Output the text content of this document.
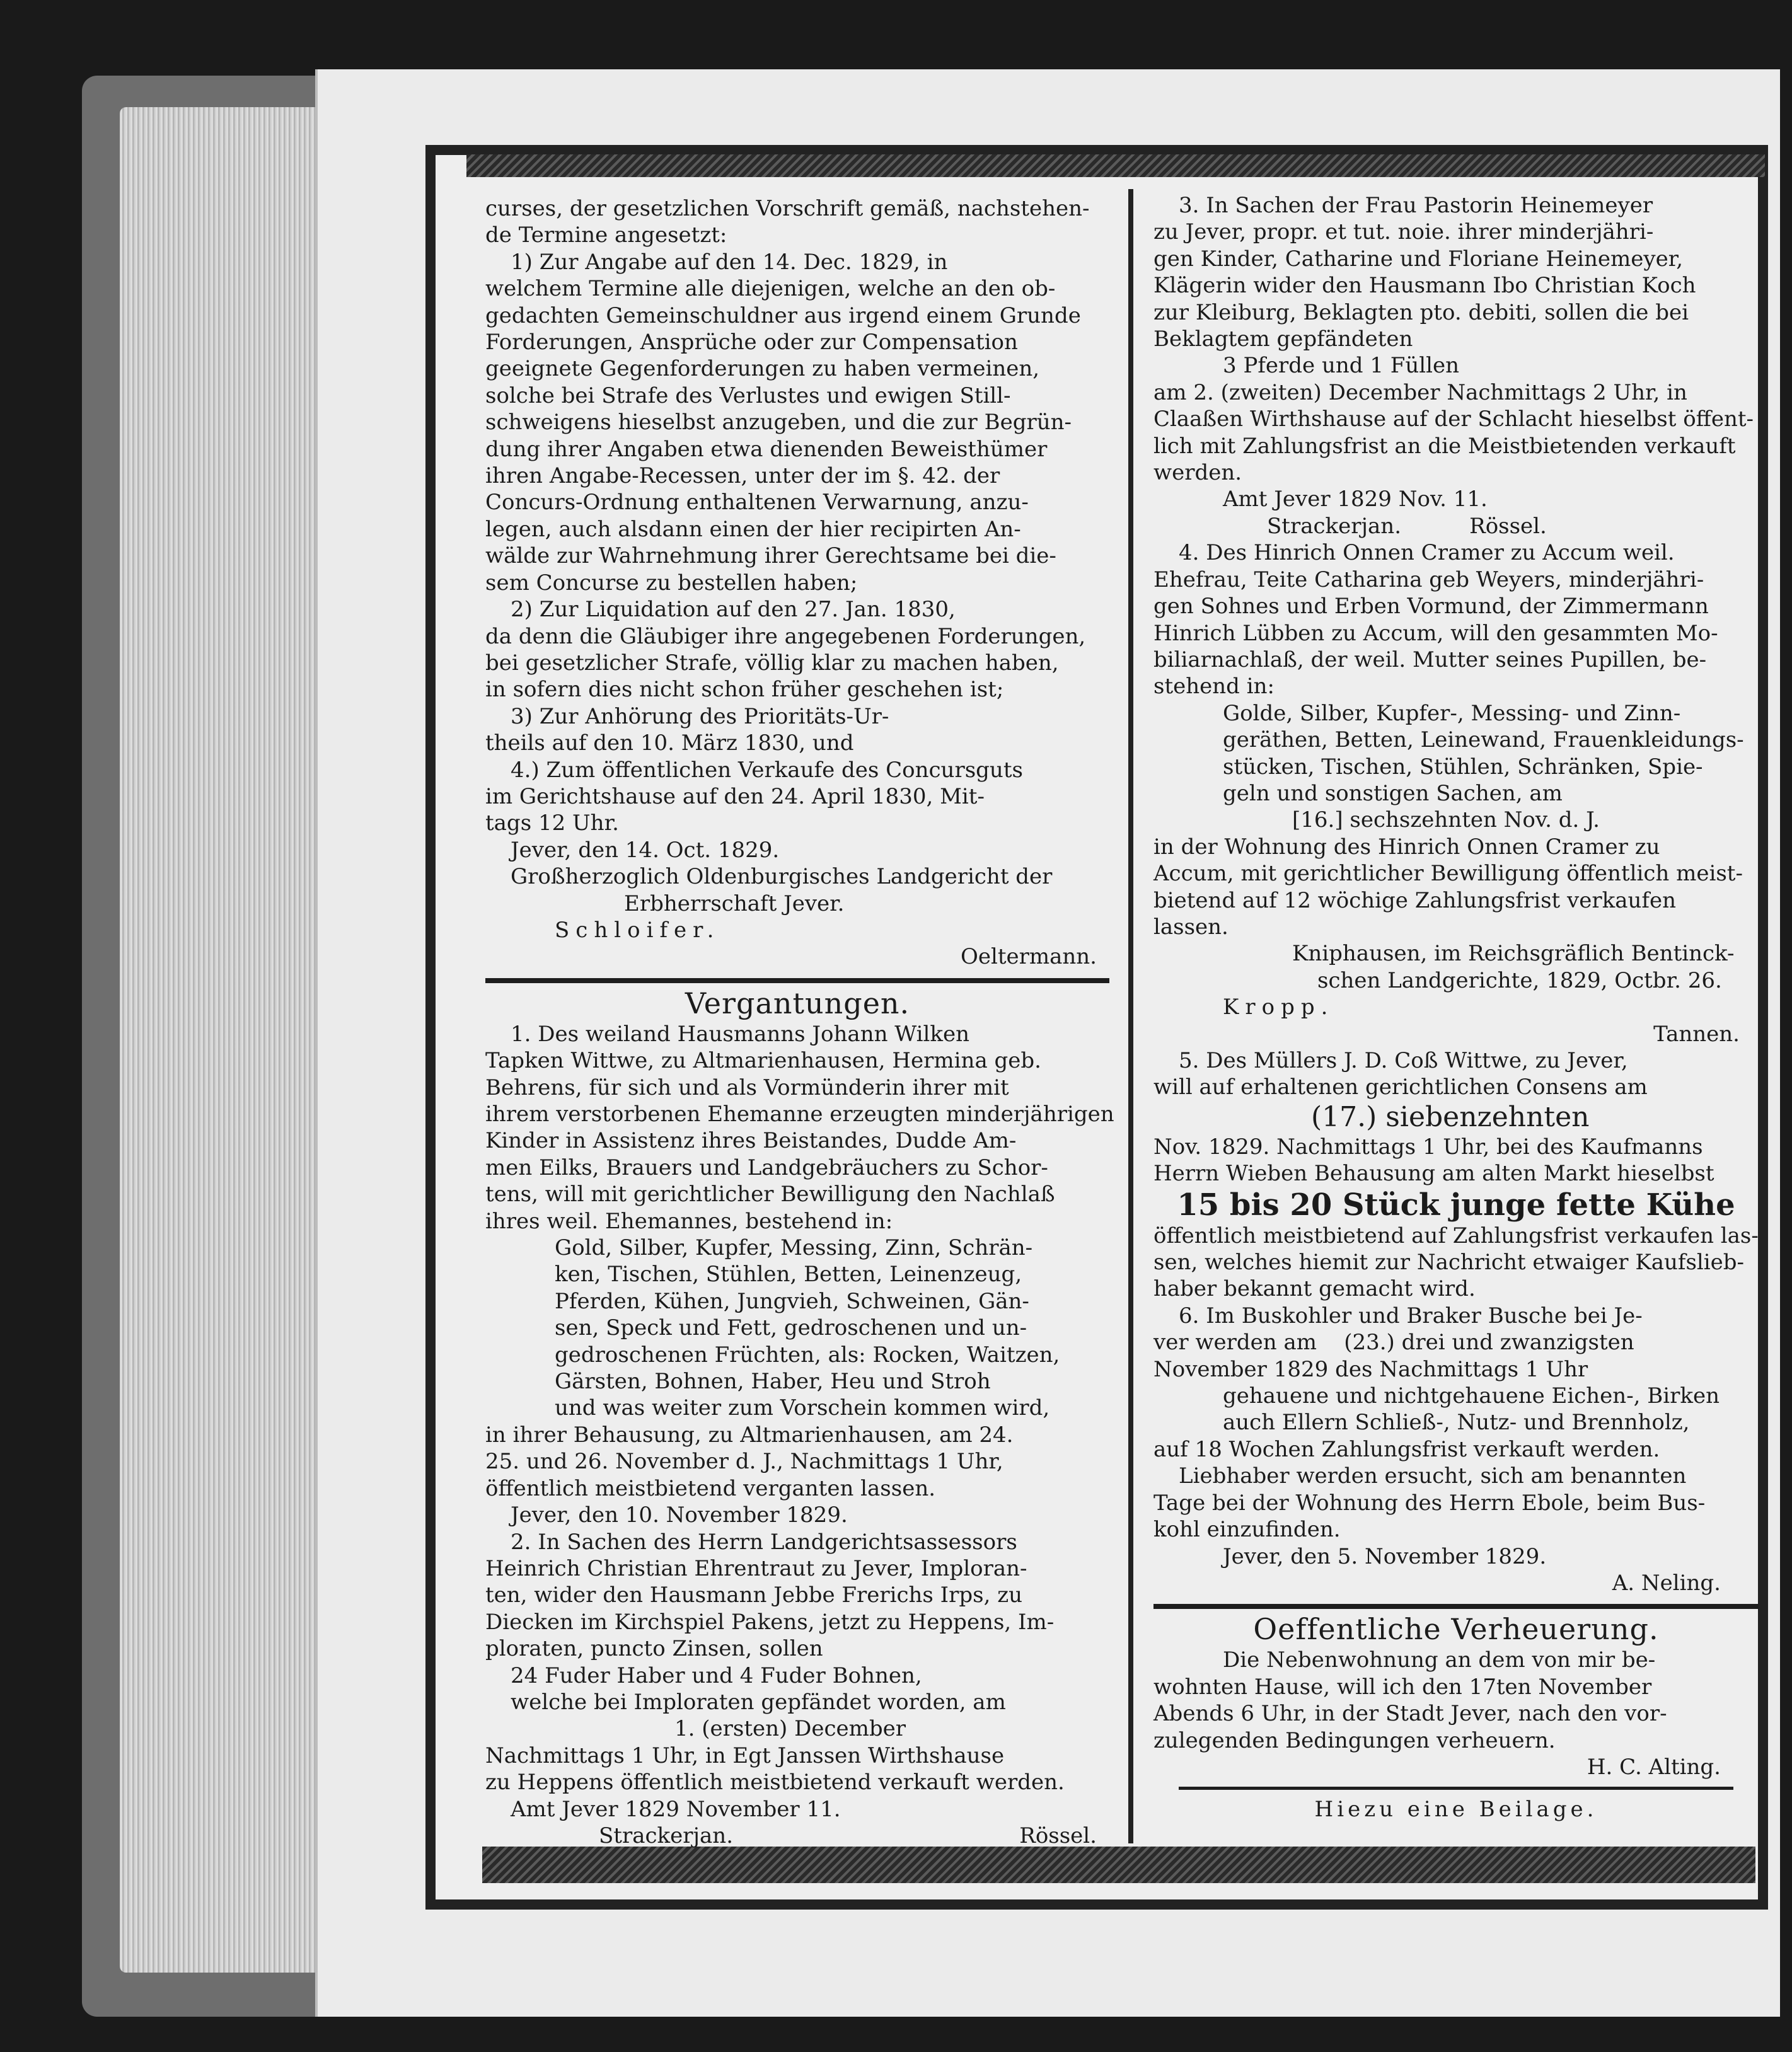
curses, der gesetzlichen Vorschrift gemäß, nachstehen-

de Termine angesetzt:

1) Zur Angabe auf den 14. Dec. 1829, in

welchem Termine alle diejenigen, welche an den ob-

gedachten Gemeinschuldner aus irgend einem Grunde

Forderungen, Ansprüche oder zur Compensation

geeignete Gegenforderungen zu haben vermeinen,

solche bei Strafe des Verlustes und ewigen Still-

schweigens hieselbst anzugeben, und die zur Begrün-

dung ihrer Angaben etwa dienenden Beweisthümer

ihren Angabe-Recessen, unter der im §. 42. der

Concurs-Ordnung enthaltenen Verwarnung, anzu-

legen, auch alsdann einen der hier recipirten An-

wälde zur Wahrnehmung ihrer Gerechtsame bei die-

sem Concurse zu bestellen haben;

2) Zur Liquidation auf den 27. Jan. 1830,

da denn die Gläubiger ihre angegebenen Forderungen,

bei gesetzlicher Strafe, völlig klar zu machen haben,

in sofern dies nicht schon früher geschehen ist;

3) Zur Anhörung des Prioritäts-Ur-

theils auf den 10. März 1830, und

4.) Zum öffentlichen Verkaufe des Concursguts

im Gerichtshause auf den 24. April 1830, Mit-

tags 12 Uhr.

Jever, den 14. Oct. 1829.

Großherzoglich Oldenburgisches Landgericht der

Erbherrschaft Jever.

Schloifer.

Oeltermann.

Vergantungen.

1. Des weiland Hausmanns Johann Wilken

Tapken Wittwe, zu Altmarienhausen, Hermina geb.

Behrens, für sich und als Vormünderin ihrer mit

ihrem verstorbenen Ehemanne erzeugten minderjährigen

Kinder in Assistenz ihres Beistandes, Dudde Am-

men Eilks, Brauers und Landgebräuchers zu Schor-

tens, will mit gerichtlicher Bewilligung den Nachlaß

ihres weil. Ehemannes, bestehend in:

Gold, Silber, Kupfer, Messing, Zinn, Schrän-

ken, Tischen, Stühlen, Betten, Leinenzeug,

Pferden, Kühen, Jungvieh, Schweinen, Gän-

sen, Speck und Fett, gedroschenen und un-

gedroschenen Früchten, als: Rocken, Waitzen,

Gärsten, Bohnen, Haber, Heu und Stroh

und was weiter zum Vorschein kommen wird,

in ihrer Behausung, zu Altmarienhausen, am 24.

25. und 26. November d. J., Nachmittags 1 Uhr,

öffentlich meistbietend verganten lassen.

Jever, den 10. November 1829.

2. In Sachen des Herrn Landgerichtsassessors

Heinrich Christian Ehrentraut zu Jever, Imploran-

ten, wider den Hausmann Jebbe Frerichs Irps, zu

Diecken im Kirchspiel Pakens, jetzt zu Heppens, Im-

ploraten, puncto Zinsen, sollen

24 Fuder Haber und 4 Fuder Bohnen,

welche bei Imploraten gepfändet worden, am

1. (ersten) December

Nachmittags 1 Uhr, in Egt Janssen Wirthshause

zu Heppens öffentlich meistbietend verkauft werden.

Amt Jever 1829 November 11.

Strackerjan.	Rössel.

3. In Sachen der Frau Pastorin Heinemeyer

zu Jever, propr. et tut. noie. ihrer minderjähri-

gen Kinder, Catharine und Floriane Heinemeyer,

Klägerin wider den Hausmann Ibo Christian Koch

zur Kleiburg, Beklagten pto. debiti, sollen die bei

Beklagtem gepfändeten

3 Pferde und 1 Füllen

am 2. (zweiten) December Nachmittags 2 Uhr, in

Claaßen Wirthshause auf der Schlacht hieselbst öffent-

lich mit Zahlungsfrist an die Meistbietenden verkauft

werden.

Amt Jever 1829 Nov. 11.

Strackerjan.          Rössel.

4. Des Hinrich Onnen Cramer zu Accum weil.

Ehefrau, Teite Catharina geb Weyers, minderjähri-

gen Sohnes und Erben Vormund, der Zimmermann

Hinrich Lübben zu Accum, will den gesammten Mo-

biliarnachlaß, der weil. Mutter seines Pupillen, be-

stehend in:

Golde, Silber, Kupfer-, Messing- und Zinn-

geräthen, Betten, Leinewand, Frauenkleidungs-

stücken, Tischen, Stühlen, Schränken, Spie-

geln und sonstigen Sachen, am

[16.] sechszehnten Nov. d. J.

in der Wohnung des Hinrich Onnen Cramer zu

Accum, mit gerichtlicher Bewilligung öffentlich meist-

bietend auf 12 wöchige Zahlungsfrist verkaufen

lassen.

Kniphausen, im Reichsgräflich Bentinck-

schen Landgerichte, 1829, Octbr. 26.

Kropp.

Tannen.

5. Des Müllers J. D. Coß Wittwe, zu Jever,

will auf erhaltenen gerichtlichen Consens am

(17.) siebenzehnten

Nov. 1829. Nachmittags 1 Uhr, bei des Kaufmanns

Herrn Wieben Behausung am alten Markt hieselbst

15 bis 20 Stück junge fette Kühe

öffentlich meistbietend auf Zahlungsfrist verkaufen las-

sen, welches hiemit zur Nachricht etwaiger Kaufslieb-

haber bekannt gemacht wird.

6. Im Buskohler und Braker Busche bei Je-

ver werden am    (23.) drei und zwanzigsten

November 1829 des Nachmittags 1 Uhr

gehauene und nichtgehauene Eichen-, Birken

auch Ellern Schließ-, Nutz- und Brennholz,

auf 18 Wochen Zahlungsfrist verkauft werden.

Liebhaber werden ersucht, sich am benannten

Tage bei der Wohnung des Herrn Ebole, beim Bus-

kohl einzufinden.

Jever, den 5. November 1829.

A. Neling.

Oeffentliche Verheuerung.

Die Nebenwohnung an dem von mir be-

wohnten Hause, will ich den 17ten November

Abends 6 Uhr, in der Stadt Jever, nach den vor-

zulegenden Bedingungen verheuern.

H. C. Alting.

Hiezu eine Beilage.
